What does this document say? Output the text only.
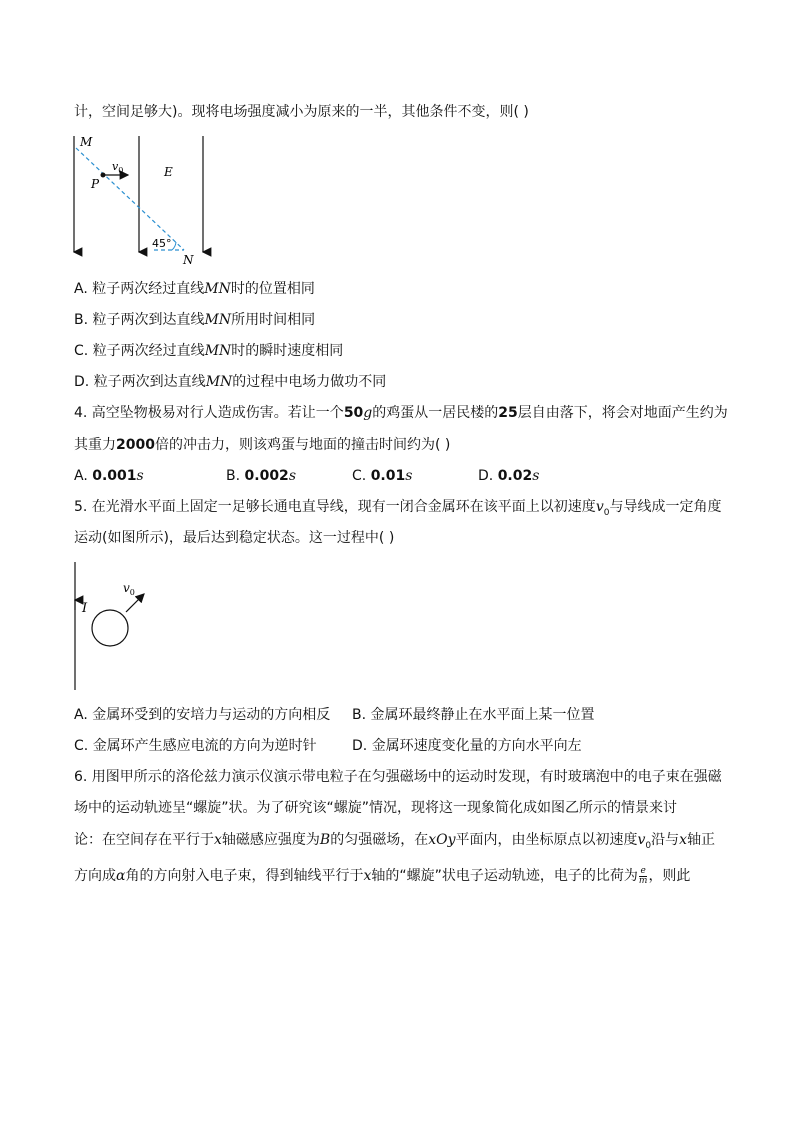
计，空间足够大)。现将电场强度减小为原来的一半，其他条件不变，则( )
M
P
$v_0$	E
45°
N
A. 粒子两次经过直线MN时的位置相同
B. 粒子两次到达直线MN所用时间相同
C. 粒子两次经过直线MN时的瞬时速度相同
D. 粒子两次到达直线MN的过程中电场力做功不同
4. 高空坠物极易对行人造成伤害。若让一个50g的鸡蛋从一居民楼的25层自由落下，将会对地面产生约为
其重力2000倍的冲击力，则该鸡蛋与地面的撞击时间约为( )
A. 0.001s	B. 0.002s	C. 0.01s	D. 0.02s
5. 在光滑水平面上固定一足够长通电直导线，现有一闭合金属环在该平面上以初速度$v_0$与导线成一定角度
运动(如图所示)，最后达到稳定状态。这一过程中( )
I
$v_0$
A. 金属环受到的安培力与运动的方向相反 B. 金属环最终静止在水平面上某一位置
C. 金属环产生感应电流的方向为逆时针	D. 金属环速度变化量的方向水平向左
6. 用图甲所示的洛伦兹力演示仪演示带电粒子在匀强磁场中的运动时发现，有时玻璃泡中的电子束在强磁
场中的运动轨迹呈“螺旋”状。为了研究该“螺旋”情况，现将这一现象简化成如图乙所示的情景来讨
论：在空间存在平行于x轴磁感应强度为B的匀强磁场，在xOy平面内，由坐标原点以初速度$v_0$沿与x轴正
方向成α角的方向射入电子束，得到轴线平行于x轴的“螺旋”状电子运动轨迹，电子的比荷为 $\frac{e}{m}$ ，则此
